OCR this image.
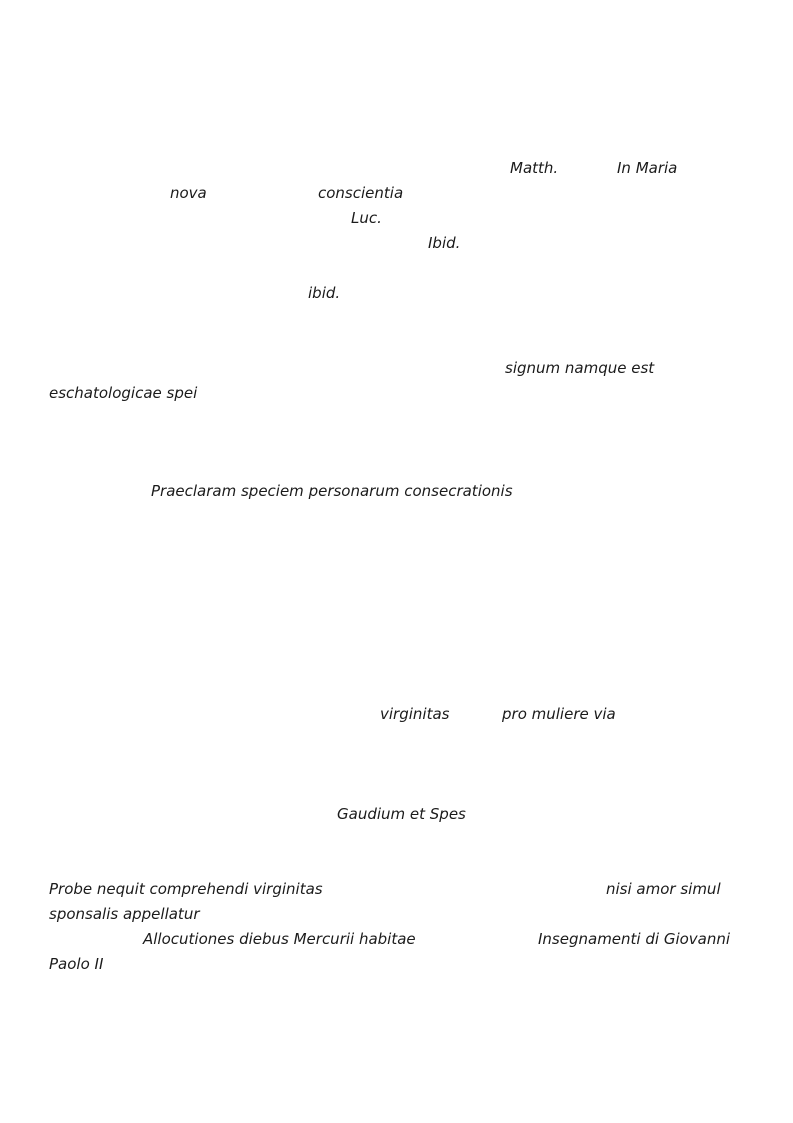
Matth.	In Maria
nova	conscientia
Luc.
Ibid.
ibid.
signum namque est
eschatologicae spei
Praeclaram speciem personarum consecrationis
virginitas	pro muliere via
Gaudium et Spes
Probe nequit comprehendi virginitas	nisi amor simul
sponsalis appellatur
Allocutiones diebus Mercurii habitae	Insegnamenti di Giovanni
Paolo II
